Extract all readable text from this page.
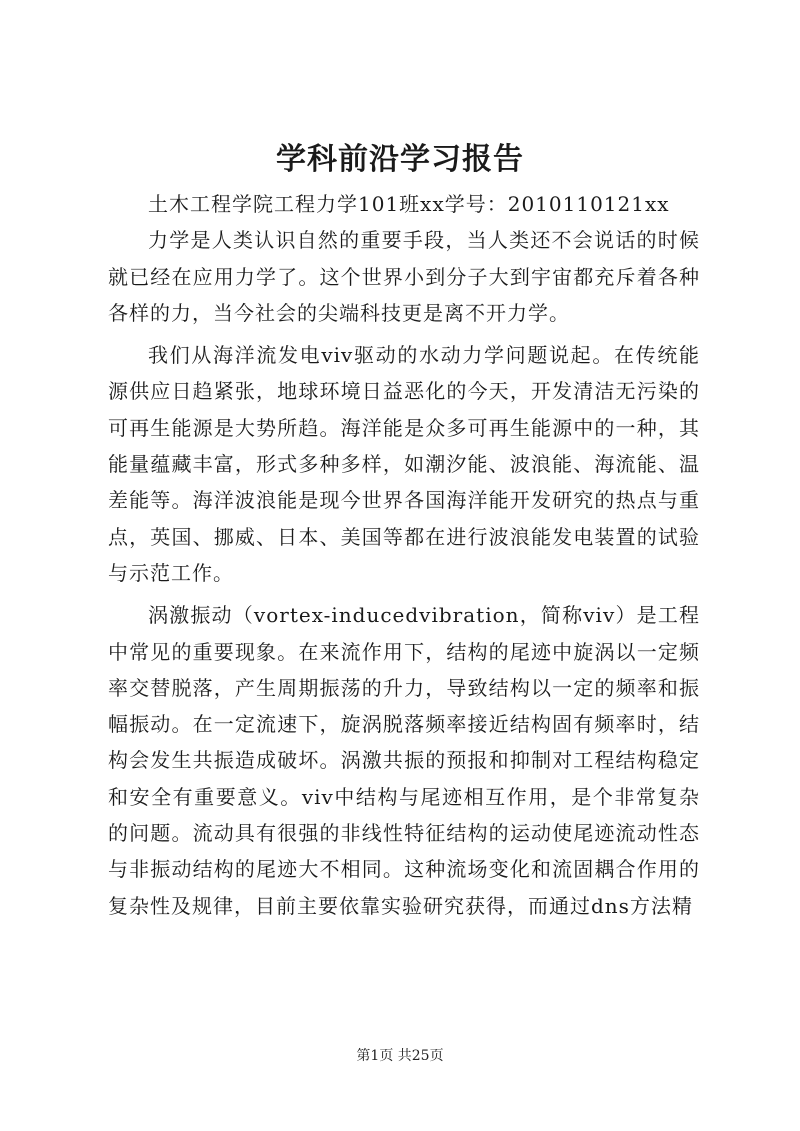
学科前沿学习报告

土木工程学院工程力学101班xx学号：2010110121xx

力学是人类认识自然的重要手段，当人类还不会说话的时候就已经在应用力学了。这个世界小到分子大到宇宙都充斥着各种各样的力，当今社会的尖端科技更是离不开力学。

我们从海洋流发电viv驱动的水动力学问题说起。在传统能源供应日趋紧张，地球环境日益恶化的今天，开发清洁无污染的可再生能源是大势所趋。海洋能是众多可再生能源中的一种，其能量蕴藏丰富，形式多种多样，如潮汐能、波浪能、海流能、温差能等。海洋波浪能是现今世界各国海洋能开发研究的热点与重点，英国、挪威、日本、美国等都在进行波浪能发电装置的试验与示范工作。

涡激振动（vortex-inducedvibration，简称viv）是工程中常见的重要现象。在来流作用下，结构的尾迹中旋涡以一定频率交替脱落，产生周期振荡的升力，导致结构以一定的频率和振幅振动。在一定流速下，旋涡脱落频率接近结构固有频率时，结构会发生共振造成破坏。涡激共振的预报和抑制对工程结构稳定和安全有重要意义。viv中结构与尾迹相互作用，是个非常复杂的问题。流动具有很强的非线性特征结构的运动使尾迹流动性态与非振动结构的尾迹大不相同。这种流场变化和流固耦合作用的复杂性及规律，目前主要依靠实验研究获得，而通过dns方法精

第1页 共25页
